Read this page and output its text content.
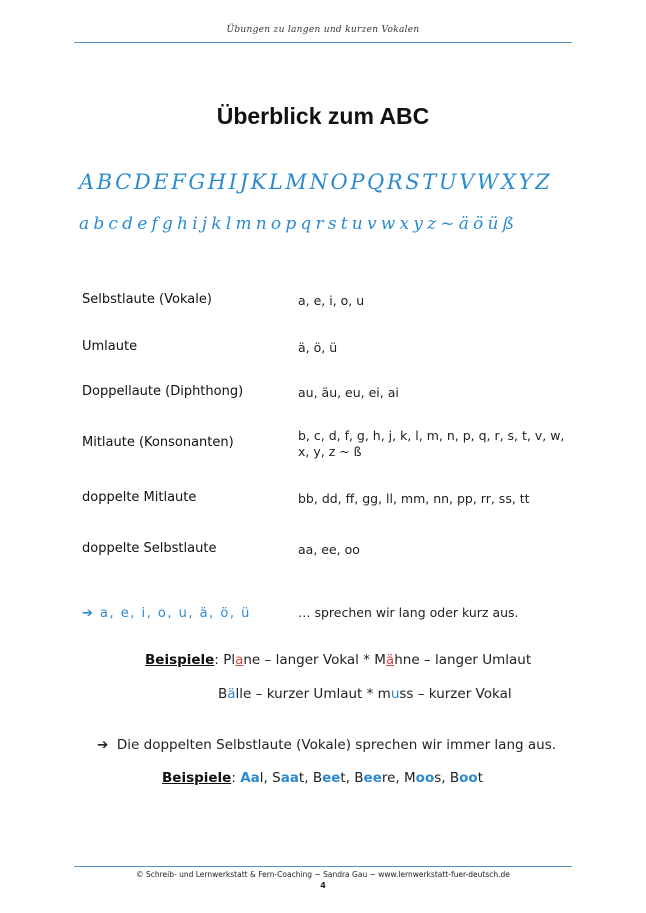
Übungen zu langen und kurzen Vokalen
Überblick zum ABC
ABCDEFGHIJKLMNOPQRSTUVWXYZ
abcdefghijklmnopqrstuvwxyz~äöüß
Selbstlaute (Vokale)	a, e, i, o, u
Umlaute	ä, ö, ü
Doppellaute (Diphthong)	au, äu, eu, ei, ai
Mitlaute (Konsonanten)	b, c, d, f, g, h, j, k, l, m, n, p, q, r, s, t, v, w, x, y, z ~ ß
doppelte Mitlaute	bb, dd, ff, gg, ll, mm, nn, pp, rr, ss, tt
doppelte Selbstlaute	aa, ee, oo
➔ a, e, i, o, u, ä, ö, ü	… sprechen wir lang oder kurz aus.
Beispiele: Plane – langer Vokal * Mähne – langer Umlaut
Bälle – kurzer Umlaut * muss – kurzer Vokal
➔ Die doppelten Selbstlaute (Vokale) sprechen wir immer lang aus.
Beispiele: Aal, Saat, Beet, Beere, Moos, Boot
© Schreib- und Lernwerkstatt & Fern-Coaching ~ Sandra Gau ~ www.lernwerkstatt-fuer-deutsch.de
4
